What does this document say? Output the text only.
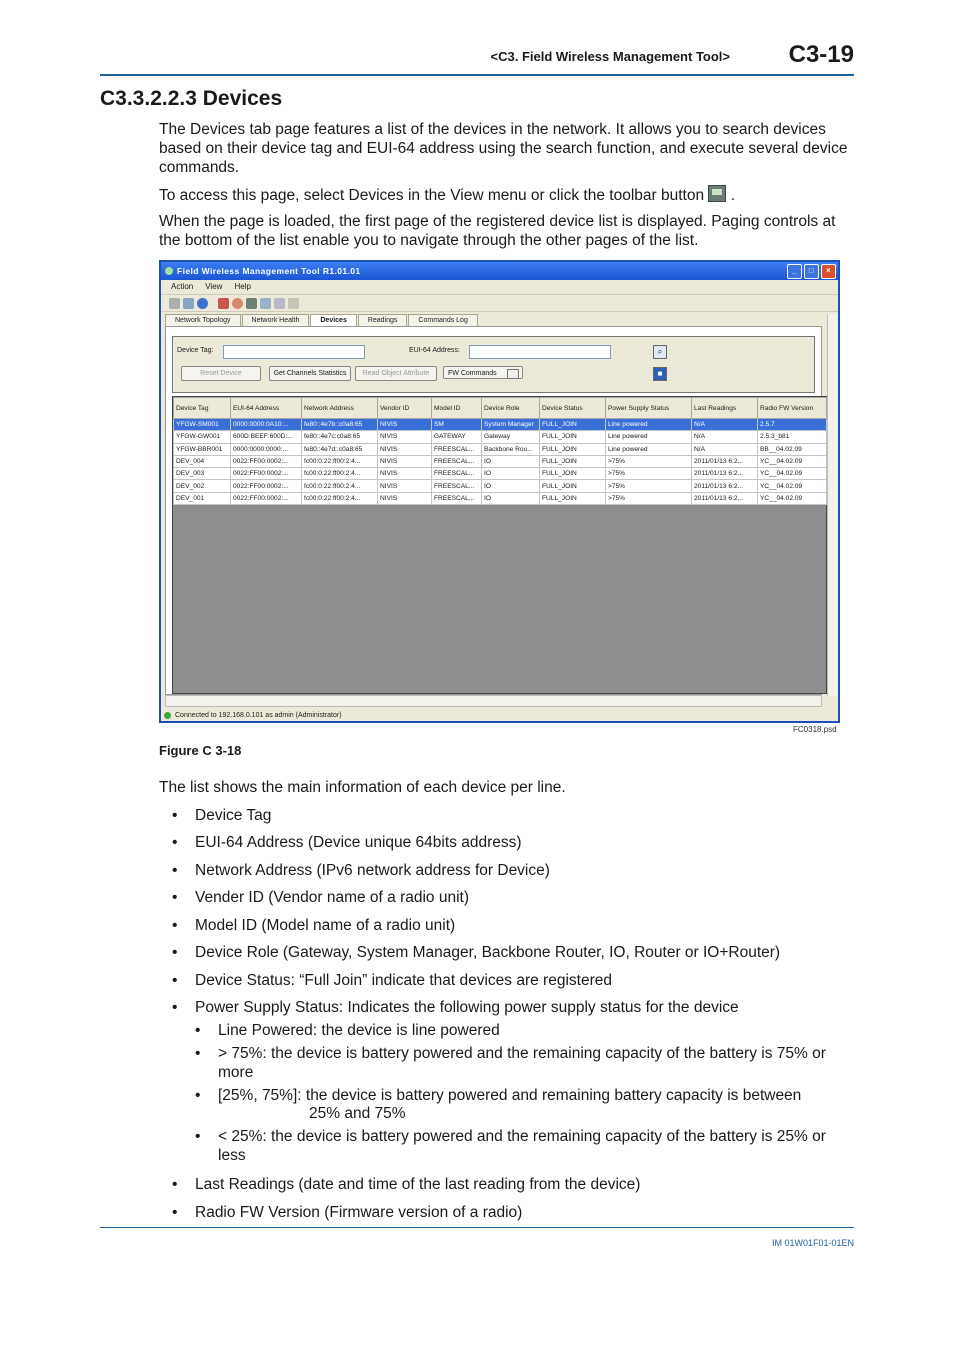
<C3. Field Wireless Management Tool> C3-19
C3.3.2.2.3 Devices
The Devices tab page features a list of the devices in the network. It allows you to search devices based on their device tag and EUI-64 address using the search function, and execute several device commands.
To access this page, select Devices in the View menu or click the toolbar button .
When the page is loaded, the first page of the registered device list is displayed. Paging controls at the bottom of the list enable you to navigate through the other pages of the list.
Field Wireless Management Tool R1.01.01	_	□	×
Action View Help
Network Topology	Network Health	Devices	Readings	Commands Log
Device Tag:	EUI-64 Address:	⌕
Reset Device	Get Channels Statistics	Read Object Attribute	FW Commands	■
Device Tag	EUI-64 Address	Network Address	Vendor ID	Model ID	Device Role	Device Status	Power Supply Status	Last Readings	Radio FW Version
YFGW-SM001	0000:0000:0A10:...	fe80::4e7b::c0a8:65	NIVIS	SM	System Manager	FULL_JOIN	Line powered	N/A	2.5.7
YFGW-GW001	600D:BEEF:600D:...	fe80::4e7c:c0a8:65	NIVIS	GATEWAY	Gateway	FULL_JOIN	Line powered	N/A	2.5.3_b81
YFGW-BBR001	0000:0000:0000:...	fe80::4e7d::c0a8:65	NIVIS	FREESCAL...	Backbone Rou...	FULL_JOIN	Line powered	N/A	BB__04.02.09
DEV_004	0022:FF00:0002:...	fc00:0:22:ff00:2:4...	NIVIS	FREESCAL...	IO	FULL_JOIN	>75%	2011/01/13 6:2...	YC__04.02.09
DEV_003	0022:FF00:0002:...	fc00:0:22:ff00:2:4...	NIVIS	FREESCAL...	IO	FULL_JOIN	>75%	2011/01/13 6:2...	YC__04.02.09
DEV_002	0022:FF00:0002:...	fc00:0:22:ff00:2:4...	NIVIS	FREESCAL...	IO	FULL_JOIN	>75%	2011/01/13 6:2...	YC__04.02.09
DEV_001	0022:FF00:0002:...	fc00:0:22:ff00:2:4...	NIVIS	FREESCAL...	IO	FULL_JOIN	>75%	2011/01/13 6:2...	YC__04.02.09
Connected to 192.168.0.101 as admin (Administrator)
FC0318.psd
Figure C 3-18
The list shows the main information of each device per line.
• Device Tag
• EUI-64 Address (Device unique 64bits address)
• Network Address (IPv6 network address for Device)
• Vender ID (Vendor name of a radio unit)
• Model ID (Model name of a radio unit)
• Device Role (Gateway, System Manager, Backbone Router, IO, Router or IO+Router)
• Device Status: “Full Join” indicate that devices are registered
• Power Supply Status: Indicates the following power supply status for the device
• Line Powered: the device is line powered
• > 75%: the device is battery powered and the remaining capacity of the battery is 75% or more
• [25%, 75%]: the device is battery powered and remaining battery capacity is between
25% and 75%
• < 25%: the device is battery powered and the remaining capacity of the battery is 25% or less
• Last Readings (date and time of the last reading from the device)
• Radio FW Version (Firmware version of a radio)
IM 01W01F01-01EN
